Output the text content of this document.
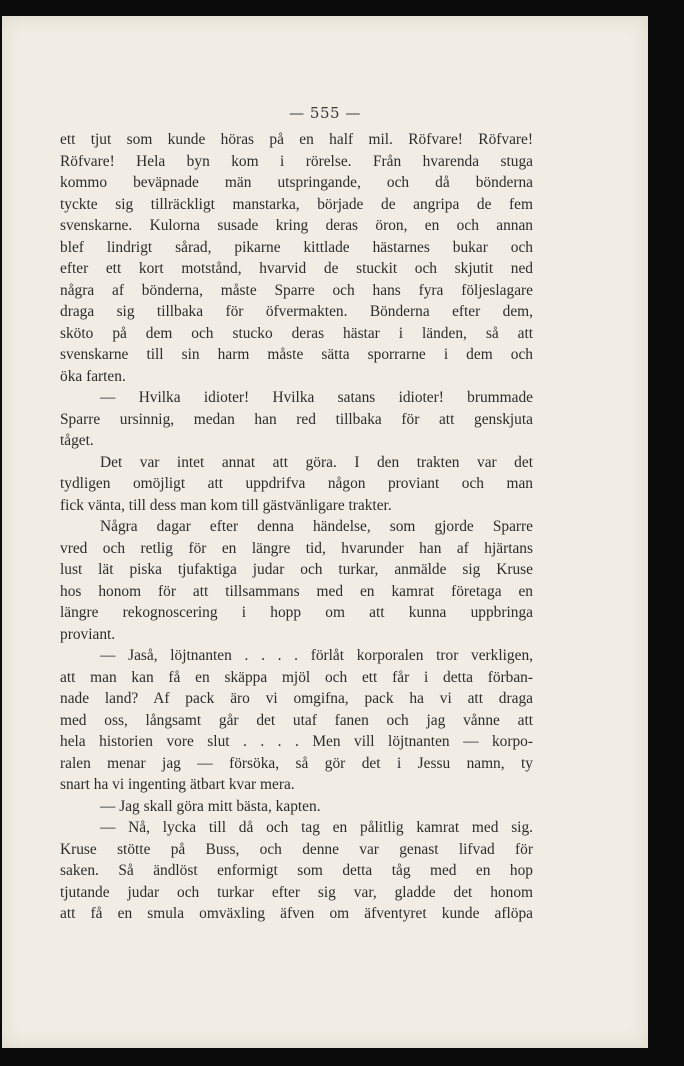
— 555 —
ett tjut som kunde höras på en half mil. Röfvare! Röfvare!
Röfvare! Hela byn kom i rörelse. Från hvarenda stuga
kommo beväpnade män utspringande, och då bönderna
tyckte sig tillräckligt manstarka, började de angripa de fem
svenskarne. Kulorna susade kring deras öron, en och annan
blef lindrigt sårad, pikarne kittlade hästarnes bukar och
efter ett kort motstånd, hvarvid de stuckit och skjutit ned
några af bönderna, måste Sparre och hans fyra följeslagare
draga sig tillbaka för öfvermakten. Bönderna efter dem,
sköto på dem och stucko deras hästar i länden, så att
svenskarne till sin harm måste sätta sporrarne i dem och
öka farten.
— Hvilka idioter! Hvilka satans idioter! brummade
Sparre ursinnig, medan han red tillbaka för att genskjuta
tåget.
Det var intet annat att göra. I den trakten var det
tydligen omöjligt att uppdrifva någon proviant och man
fick vänta, till dess man kom till gästvänligare trakter.
Några dagar efter denna händelse, som gjorde Sparre
vred och retlig för en längre tid, hvarunder han af hjärtans
lust lät piska tjufaktiga judar och turkar, anmälde sig Kruse
hos honom för att tillsammans med en kamrat företaga en
längre rekognoscering i hopp om att kunna uppbringa
proviant.
— Jaså, löjtnanten . . . . förlåt korporalen tror verkligen,
att man kan få en skäppa mjöl och ett får i detta förban-
nade land? Af pack äro vi omgifna, pack ha vi att draga
med oss, långsamt går det utaf fanen och jag vånne att
hela historien vore slut . . . . Men vill löjtnanten — korpo-
ralen menar jag — försöka, så gör det i Jessu namn, ty
snart ha vi ingenting ätbart kvar mera.
— Jag skall göra mitt bästa, kapten.
— Nå, lycka till då och tag en pålitlig kamrat med sig.
Kruse stötte på Buss, och denne var genast lifvad för
saken. Så ändlöst enformigt som detta tåg med en hop
tjutande judar och turkar efter sig var, gladde det honom
att få en smula omväxling äfven om äfventyret kunde aflöpa
